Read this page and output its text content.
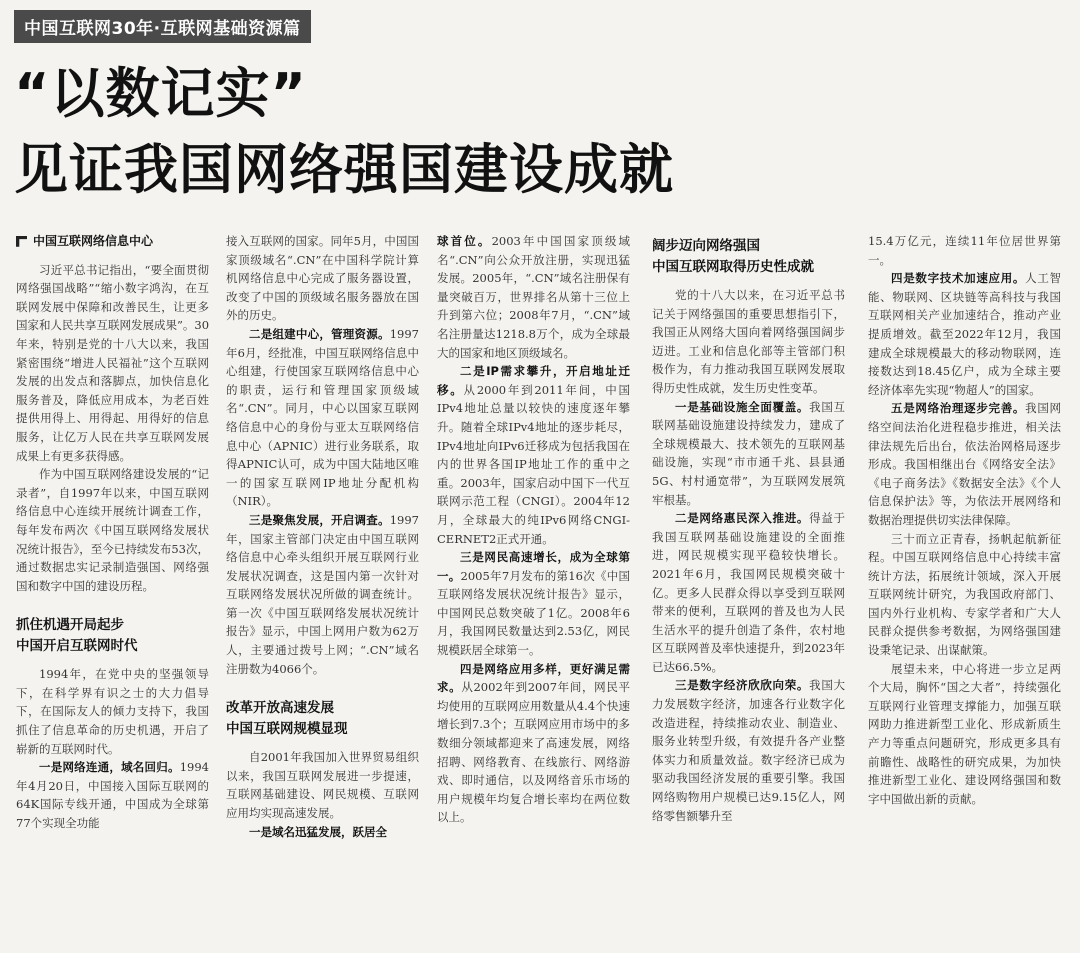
中国互联网30年·互联网基础资源篇
“以数记实”
见证我国网络强国建设成就
中国互联网络信息中心

习近平总书记指出，“要全面贯彻网络强国战略”“缩小数字鸿沟，在互联网发展中保障和改善民生，让更多国家和人民共享互联网发展成果”。30年来，特别是党的十八大以来，我国紧密围绕“增进人民福祉”这个互联网发展的出发点和落脚点，加快信息化服务普及，降低应用成本，为老百姓提供用得上、用得起、用得好的信息服务，让亿万人民在共享互联网发展成果上有更多获得感。

作为中国互联网络建设发展的“记录者”，自1997年以来，中国互联网络信息中心连续开展统计调查工作，每年发布两次《中国互联网络发展状况统计报告》，至今已持续发布53次，通过数据忠实记录制造强国、网络强国和数字中国的建设历程。

抓住机遇开局起步
中国开启互联网时代

1994年，在党中央的坚强领导下，在科学界有识之士的大力倡导下，在国际友人的倾力支持下，我国抓住了信息革命的历史机遇，开启了崭新的互联网时代。

一是网络连通，域名回归。1994年4月20日，中国接入国际互联网的64K国际专线开通，中国成为全球第77个实现全功能

接入互联网的国家。同年5月，中国国家顶级域名“.CN”在中国科学院计算机网络信息中心完成了服务器设置，改变了中国的顶级域名服务器放在国外的历史。

二是组建中心，管理资源。1997年6月，经批准，中国互联网络信息中心组建，行使国家互联网络信息中心的职责，运行和管理国家顶级域名“.CN”。同月，中心以国家互联网络信息中心的身份与亚太互联网络信息中心（APNIC）进行业务联系，取得APNIC认可，成为中国大陆地区唯一的国家互联网IP地址分配机构（NIR）。

三是聚焦发展，开启调查。1997年，国家主管部门决定由中国互联网络信息中心牵头组织开展互联网行业发展状况调查，这是国内第一次针对互联网络发展状况所做的调查统计。第一次《中国互联网络发展状况统计报告》显示，中国上网用户数为62万人，主要通过拨号上网；“.CN”域名注册数为4066个。

改革开放高速发展
中国互联网规模显现

自2001年我国加入世界贸易组织以来，我国互联网发展进一步提速，互联网基础建设、网民规模、互联网应用均实现高速发展。

一是域名迅猛发展，跃居全

球首位。2003年中国国家顶级域名“.CN”向公众开放注册，实现迅猛发展。2005年，“.CN”域名注册保有量突破百万，世界排名从第十三位上升到第六位；2008年7月，“.CN”域名注册量达1218.8万个，成为全球最大的国家和地区顶级域名。

二是IP需求攀升，开启地址迁移。从2000年到2011年间，中国IPv4地址总量以较快的速度逐年攀升。随着全球IPv4地址的逐步耗尽，IPv4地址向IPv6迁移成为包括我国在内的世界各国IP地址工作的重中之重。2003年，国家启动中国下一代互联网示范工程（CNGI）。2004年12月，全球最大的纯IPv6网络CNGI-CERNET2正式开通。

三是网民高速增长，成为全球第一。2005年7月发布的第16次《中国互联网络发展状况统计报告》显示，中国网民总数突破了1亿。2008年6月，我国网民数量达到2.53亿，网民规模跃居全球第一。

四是网络应用多样，更好满足需求。从2002年到2007年间，网民平均使用的互联网应用数量从4.4个快速增长到7.3个；互联网应用市场中的多数细分领域都迎来了高速发展，网络招聘、网络教育、在线旅行、网络游戏、即时通信，以及网络音乐市场的用户规模年均复合增长率均在两位数以上。

阔步迈向网络强国
中国互联网取得历史性成就

党的十八大以来，在习近平总书记关于网络强国的重要思想指引下，我国正从网络大国向着网络强国阔步迈进。工业和信息化部等主管部门积极作为，有力推动我国互联网发展取得历史性成就，发生历史性变革。

一是基础设施全面覆盖。我国互联网基础设施建设持续发力，建成了全球规模最大、技术领先的互联网基础设施，实现“市市通千兆、县县通5G、村村通宽带”，为互联网发展筑牢根基。

二是网络惠民深入推进。得益于我国互联网基础设施建设的全面推进，网民规模实现平稳较快增长。2021年6月，我国网民规模突破十亿。更多人民群众得以享受到互联网带来的便利，互联网的普及也为人民生活水平的提升创造了条件，农村地区互联网普及率快速提升，到2023年已达66.5%。

三是数字经济欣欣向荣。我国大力发展数字经济，加速各行业数字化改造进程，持续推动农业、制造业、服务业转型升级，有效提升各产业整体实力和质量效益。数字经济已成为驱动我国经济发展的重要引擎。我国网络购物用户规模已达9.15亿人，网络零售额攀升至

15.4万亿元，连续11年位居世界第一。

四是数字技术加速应用。人工智能、物联网、区块链等高科技与我国互联网相关产业加速结合，推动产业提质增效。截至2022年12月，我国建成全球规模最大的移动物联网，连接数达到18.45亿户，成为全球主要经济体率先实现“物超人”的国家。

五是网络治理逐步完善。我国网络空间法治化进程稳步推进，相关法律法规先后出台，依法治网格局逐步形成。我国相继出台《网络安全法》《电子商务法》《数据安全法》《个人信息保护法》等，为依法开展网络和数据治理提供切实法律保障。

三十而立正青春，扬帆起航新征程。中国互联网络信息中心持续丰富统计方法，拓展统计领域，深入开展互联网统计研究，为我国政府部门、国内外行业机构、专家学者和广大人民群众提供参考数据，为网络强国建设秉笔记录、出谋献策。

展望未来，中心将进一步立足两个大局，胸怀“国之大者”，持续强化互联网行业管理支撑能力，加强互联网助力推进新型工业化、形成新质生产力等重点问题研究，形成更多具有前瞻性、战略性的研究成果，为加快推进新型工业化、建设网络强国和数字中国做出新的贡献。
